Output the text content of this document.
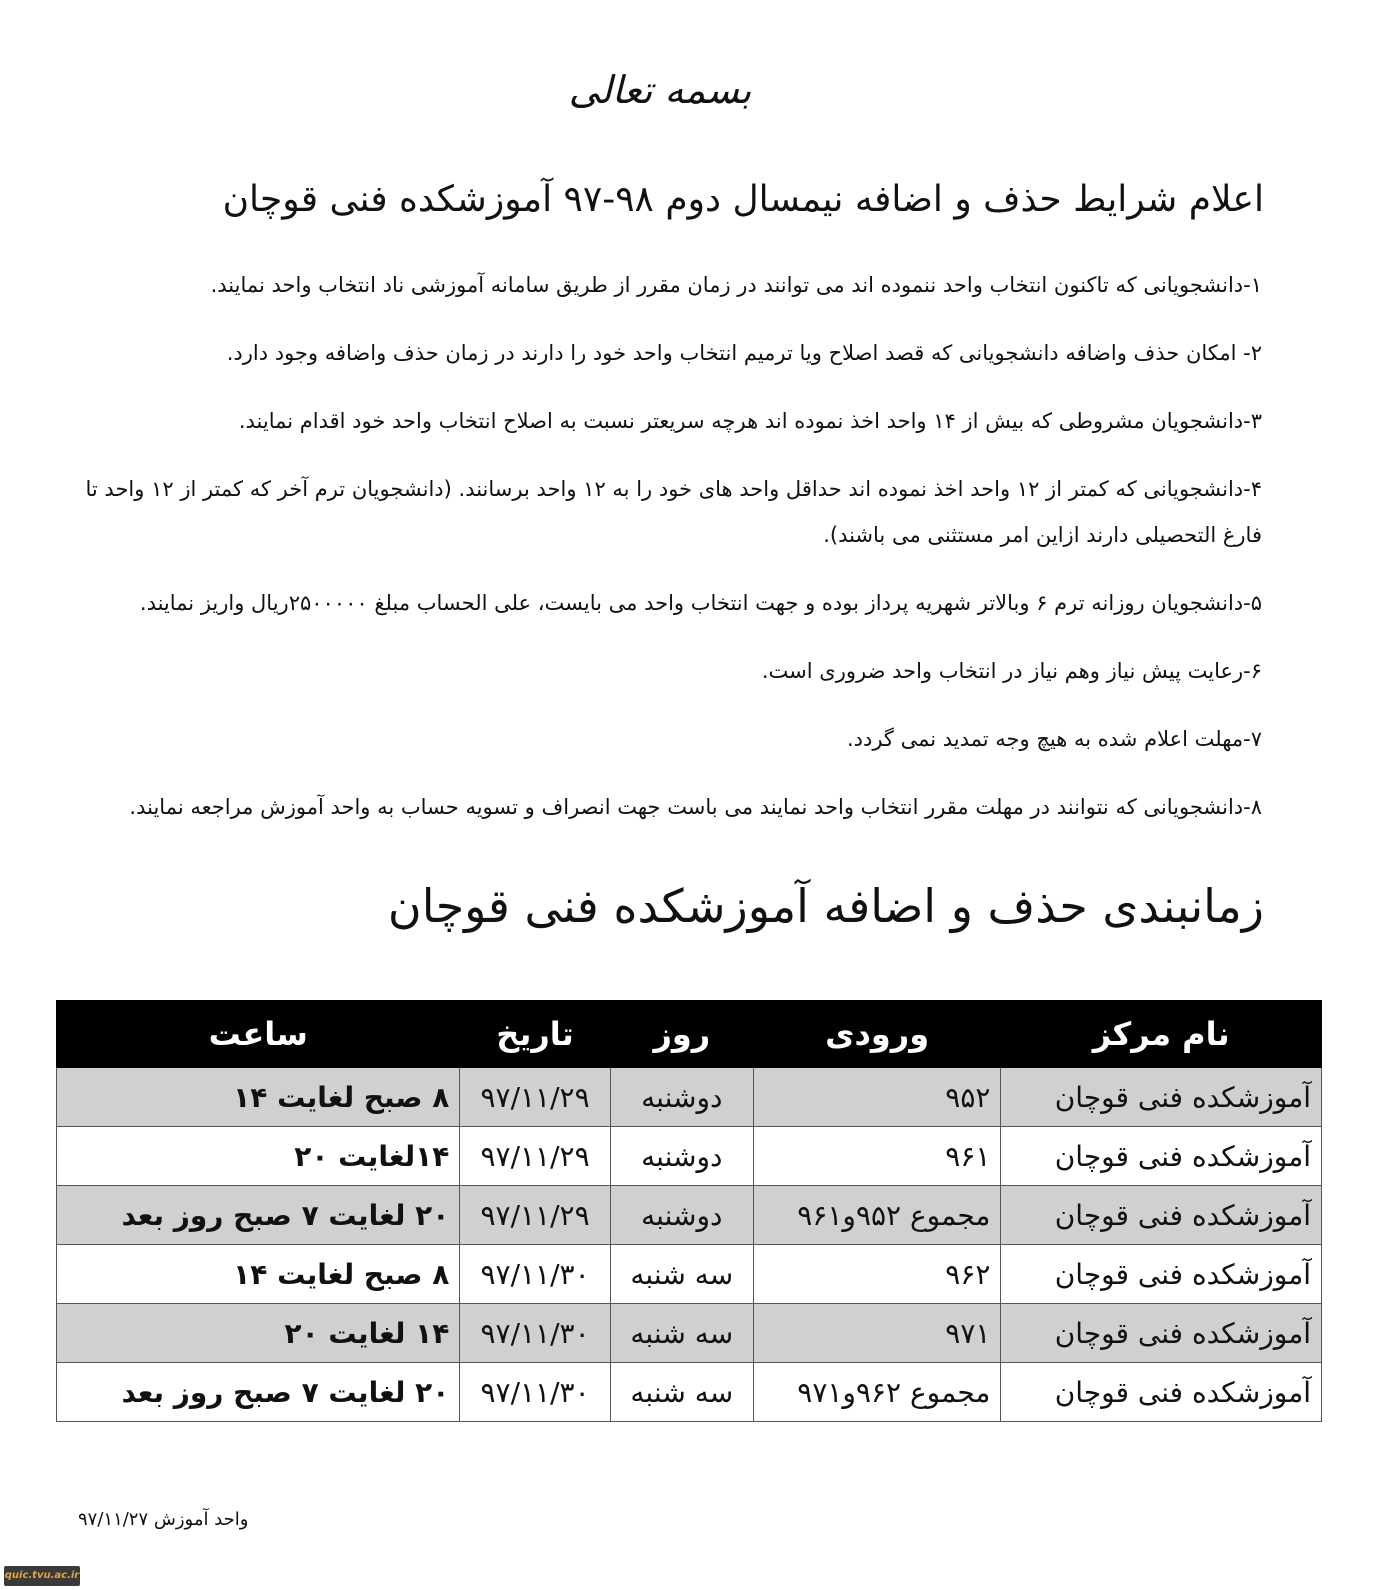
بسمه تعالی
اعلام شرایط حذف و اضافه نیمسال دوم ۹۸-۹۷ آموزشکده فنی قوچان

۱-دانشجویانی که تاکنون انتخاب واحد ننموده اند می توانند در زمان مقرر از طریق سامانه آموزشی ناد انتخاب واحد نمایند.

۲- امکان حذف واضافه دانشجویانی که قصد اصلاح ویا ترمیم انتخاب واحد خود را دارند در زمان حذف واضافه وجود دارد.

۳-دانشجویان مشروطی که بیش از ۱۴ واحد اخذ نموده اند هرچه سریعتر نسبت به اصلاح انتخاب واحد خود اقدام نمایند.

۴-دانشجویانی که کمتر از ۱۲ واحد اخذ نموده اند حداقل واحد های خود را به ۱۲ واحد برسانند. (دانشجویان ترم آخر که کمتر از ۱۲ واحد تا فارغ التحصیلی دارند ازاین امر مستثنی می باشند).

۵-دانشجویان روزانه ترم ۶ وبالاتر شهریه پرداز بوده و جهت انتخاب واحد می بایست، علی الحساب مبلغ ۲۵۰۰۰۰۰ریال واریز نمایند.

۶-رعایت پیش نیاز وهم نیاز در انتخاب واحد ضروری است.

۷-مهلت اعلام شده به هیچ وجه تمدید نمی گردد.

۸-دانشجویانی که نتوانند در مهلت مقرر انتخاب واحد نمایند می باست جهت انصراف و تسویه حساب به واحد آموزش مراجعه نمایند.

زمانبندی حذف و اضافه آموزشکده فنی قوچان
نام مرکز	ورودی	روز	تاریخ	ساعت
آموزشکده فنی قوچان	۹۵۲	دوشنبه	۹۷/۱۱/۲۹	۸ صبح لغایت ۱۴
آموزشکده فنی قوچان	۹۶۱	دوشنبه	۹۷/۱۱/۲۹	۱۴لغایت ۲۰
آموزشکده فنی قوچان	مجموع ۹۵۲و۹۶۱	دوشنبه	۹۷/۱۱/۲۹	۲۰ لغایت ۷ صبح روز بعد
آموزشکده فنی قوچان	۹۶۲	سه شنبه	۹۷/۱۱/۳۰	۸ صبح لغایت ۱۴
آموزشکده فنی قوچان	۹۷۱	سه شنبه	۹۷/۱۱/۳۰	۱۴ لغایت ۲۰
آموزشکده فنی قوچان	مجموع ۹۶۲و۹۷۱	سه شنبه	۹۷/۱۱/۳۰	۲۰ لغایت ۷ صبح روز بعد
واحد آموزش ۹۷/۱۱/۲۷
quic.tvu.ac.ir
